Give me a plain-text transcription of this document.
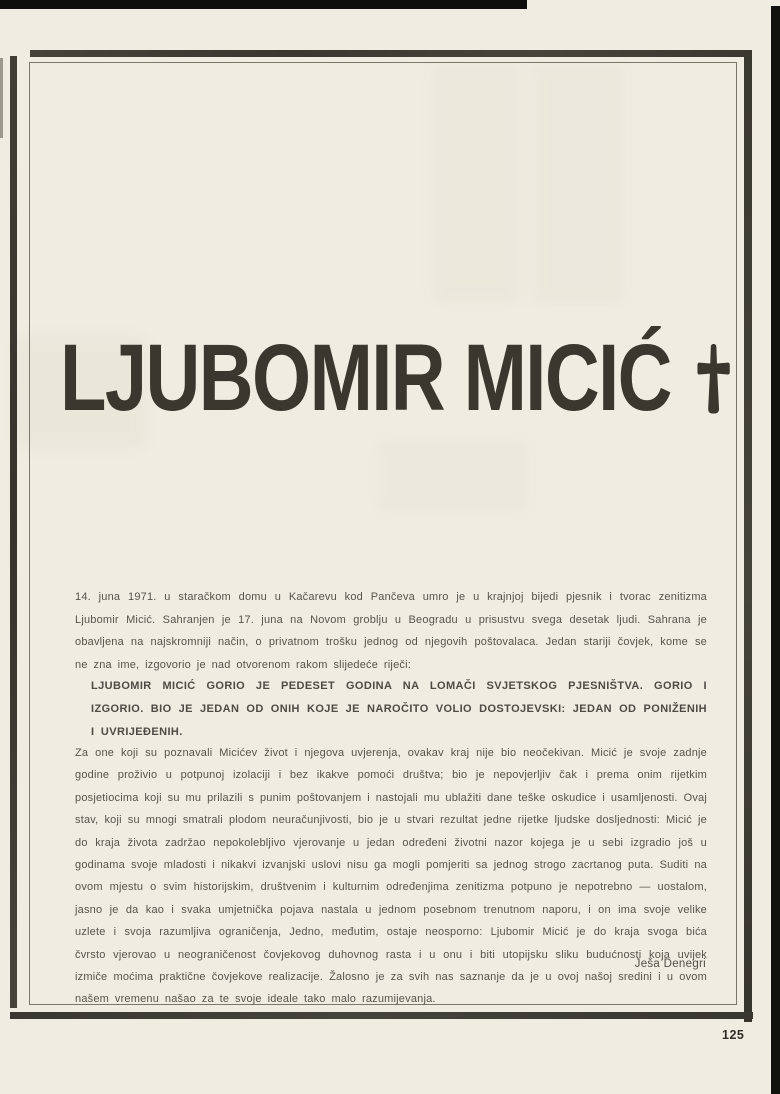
LJUBOMIR MICIĆ

14. juna 1971. u staračkom domu u Kačarevu kod Pančeva umro je u krajnjoj bijedi pjesnik i tvorac zenitizma Ljubomir Micić. Sahranjen je 17. juna na Novom groblju u Beogradu u prisustvu svega desetak ljudi. Sahrana je obavljena na najskromniji način, o privatnom trošku jednog od njegovih poštovalaca. Jedan stariji čovjek, kome se ne zna ime, izgovorio je nad otvorenom rakom slijedeće riječi:

LJUBOMIR MICIĆ GORIO JE PEDESET GODINA NA LOMAČI SVJETSKOG PJESNIŠTVA. GORIO I IZGORIO. BIO JE JEDAN OD ONIH KOJE JE NAROČITO VOLIO DOSTOJEVSKI: JEDAN OD PONIŽENIH I UVRIJEĐENIH.

Za one koji su poznavali Micićev život i njegova uvjerenja, ovakav kraj nije bio neočekivan. Micić je svoje zadnje godine proživio u potpunoj izolaciji i bez ikakve pomoći društva; bio je nepovjerljiv čak i prema onim rijetkim posjetiocima koji su mu prilazili s punim poštovanjem i nastojali mu ublažiti dane teške oskudice i usamljenosti. Ovaj stav, koji su mnogi smatrali plodom neuračunjivosti, bio je u stvari rezultat jedne rijetke ljudske dosljednosti: Micić je do kraja života zadržao nepokolebljivo vjerovanje u jedan određeni životni nazor kojega je u sebi izgradio još u godinama svoje mladosti i nikakvi izvanjski uslovi nisu ga mogli pomjeriti sa jednog strogo zacrtanog puta. Suditi na ovom mjestu o svim historijskim, društvenim i kulturnim određenjima zenitizma potpuno je nepotrebno — uostalom, jasno je da kao i svaka umjetnička pojava nastala u jednom posebnom trenutnom naporu, i on ima svoje velike uzlete i svoja razumljiva ograničenja, Jedno, međutim, ostaje neosporno: Ljubomir Micić je do kraja svoga bića čvrsto vjerovao u neograničenost čovjekovog duhovnog rasta i u onu i biti utopijsku sliku budućnosti koja uvijek izmiče moćima praktične čovjekove realizacije. Žalosno je za svih nas saznanje da je u ovoj našoj sredini i u ovom našem vremenu našao za te svoje ideale tako malo razumijevanja.

Ješa Denegri
125
